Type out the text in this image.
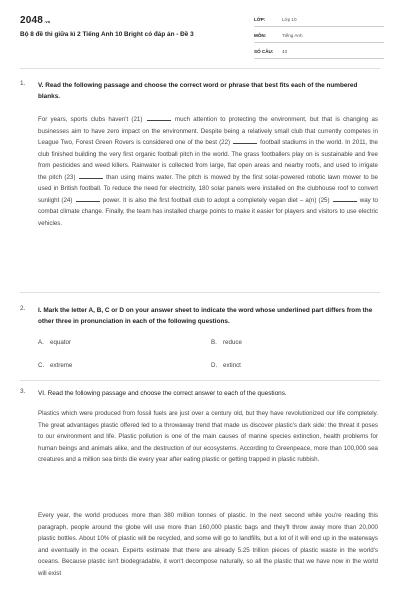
2048.vn
Bộ 8 đề thi giữa kì 2 Tiếng Anh 10 Bright có đáp án - Đề 3
LỚP:	Lớp 10
MÔN:	Tiếng Anh
SỐ CÂU: 43
1. V. Read the following passage and choose the correct word or phrase that best fits each of the numbered blanks.
For years, sports clubs haven't (21)	much attention to protecting the environment, but that is changing as businesses aim to have zero impact on the environment. Despite being a relatively small club that currently competes in League Two, Forest Green Rovers is considered one of the best (22)	football stadiums in the world. In 2011, the club finished building the very first organic football pitch in the world. The grass footballers play on is sustainable and free from pesticides and weed killers. Rainwater is collected from large, flat open areas and nearby roofs, and used to irrigate the pitch (23)	than using mains water. The pitch is mowed by the first solar-powered robotic lawn mower to be used in British football. To reduce the need for electricity, 180 solar panels were installed on the clubhouse roof to convert sunlight (24)	power. It is also the first football club to adopt a completely vegan diet – a(n) (25)	way to combat climate change. Finally, the team has installed charge points to make it easier for players and visitors to use electric vehicles.
2. I. Mark the letter A, B, C or D on your answer sheet to indicate the word whose underlined part differs from the other three in pronunciation in each of the following questions.
A. equator	B. reduce
C. extreme	D. extinct
3. VI. Read the following passage and choose the correct answer to each of the questions.
Plastics which were produced from fossil fuels are just over a century old, but they have revolutionized our life completely. The great advantages plastic offered led to a throwaway trend that made us discover plastic's dark side: the threat it poses to our environment and life. Plastic pollution is one of the main causes of marine species extinction, health problems for human beings and animals alike, and the destruction of our ecosystems. According to Greenpeace, more than 100,000 sea creatures and a million sea birds die every year after eating plastic or getting trapped in plastic rubbish.
Every year, the world produces more than 380 million tonnes of plastic. In the next second while you're reading this paragraph, people around the globe will use more than 160,000 plastic bags and they'll throw away more than 20,000 plastic bottles. About 10% of plastic will be recycled, and some will go to landfills, but a lot of it will end up in the waterways and eventually in the ocean. Experts estimate that there are already 5.25 trillion pieces of plastic waste in the world's oceans. Because plastic isn't biodegradable, it won't decompose naturally, so all the plastic that we have now in the world will exist
